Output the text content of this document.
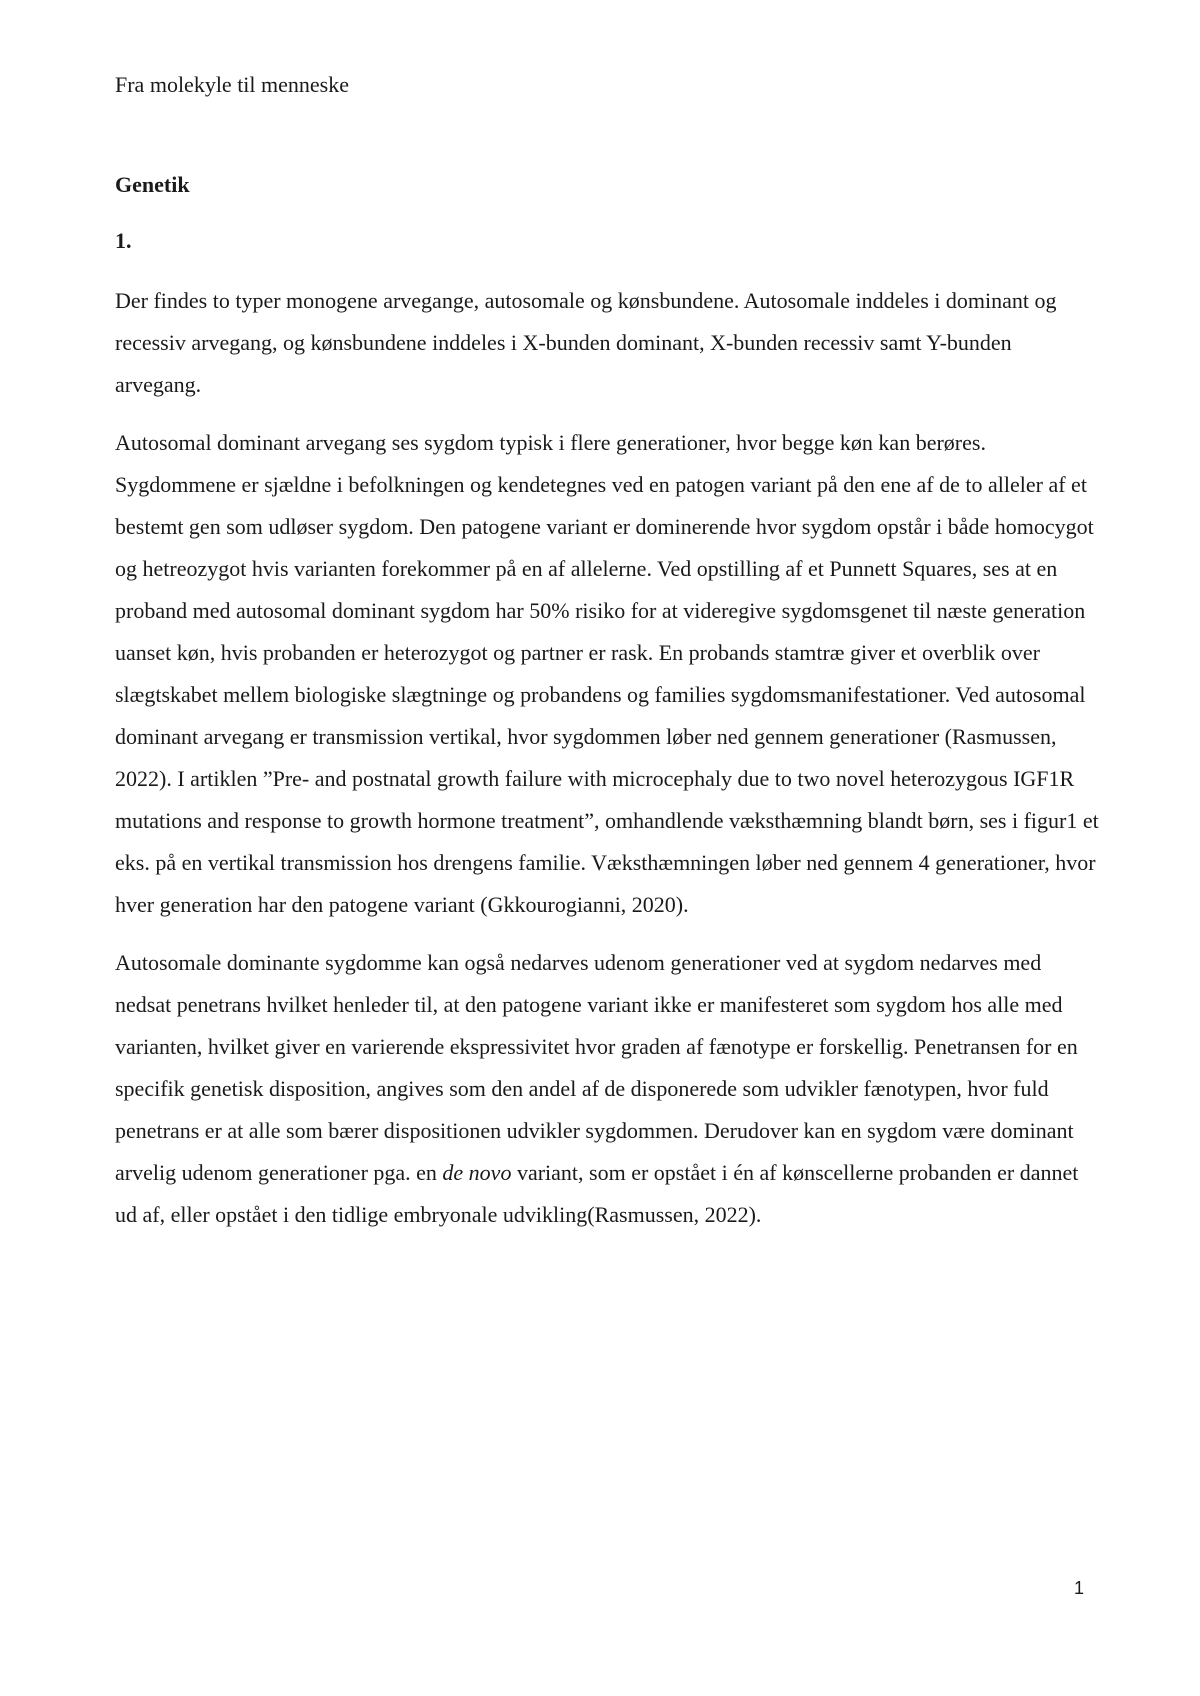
Fra molekyle til menneske
Genetik
1.

Der findes to typer monogene arvegange, autosomale og kønsbundene. Autosomale inddeles i dominant og recessiv arvegang, og kønsbundene inddeles i X-bunden dominant, X-bunden recessiv samt Y-bunden arvegang.

Autosomal dominant arvegang ses sygdom typisk i flere generationer, hvor begge køn kan berøres. Sygdommene er sjældne i befolkningen og kendetegnes ved en patogen variant på den ene af de to alleler af et bestemt gen som udløser sygdom. Den patogene variant er dominerende hvor sygdom opstår i både homocygot og hetreozygot hvis varianten forekommer på en af allelerne. Ved opstilling af et Punnett Squares, ses at en proband med autosomal dominant sygdom har 50% risiko for at videregive sygdomsgenet til næste generation uanset køn, hvis probanden er heterozygot og partner er rask. En probands stamtræ giver et overblik over slægtskabet mellem biologiske slægtninge og probandens og families sygdomsmanifestationer. Ved autosomal dominant arvegang er transmission vertikal, hvor sygdommen løber ned gennem generationer (Rasmussen, 2022). I artiklen ”Pre- and postnatal growth failure with microcephaly due to two novel heterozygous IGF1R mutations and response to growth hormone treatment”, omhandlende væksthæmning blandt børn, ses i figur1 et eks. på en vertikal transmission hos drengens familie. Væksthæmningen løber ned gennem 4 generationer, hvor hver generation har den patogene variant (Gkkourogianni, 2020).

Autosomale dominante sygdomme kan også nedarves udenom generationer ved at sygdom nedarves med nedsat penetrans hvilket henleder til, at den patogene variant ikke er manifesteret som sygdom hos alle med varianten, hvilket giver en varierende ekspressivitet hvor graden af fænotype er forskellig. Penetransen for en specifik genetisk disposition, angives som den andel af de disponerede som udvikler fænotypen, hvor fuld penetrans er at alle som bærer dispositionen udvikler sygdommen. Derudover kan en sygdom være dominant arvelig udenom generationer pga. en de novo variant, som er opstået i én af kønscellerne probanden er dannet ud af, eller opstået i den tidlige embryonale udvikling(Rasmussen, 2022).

1
